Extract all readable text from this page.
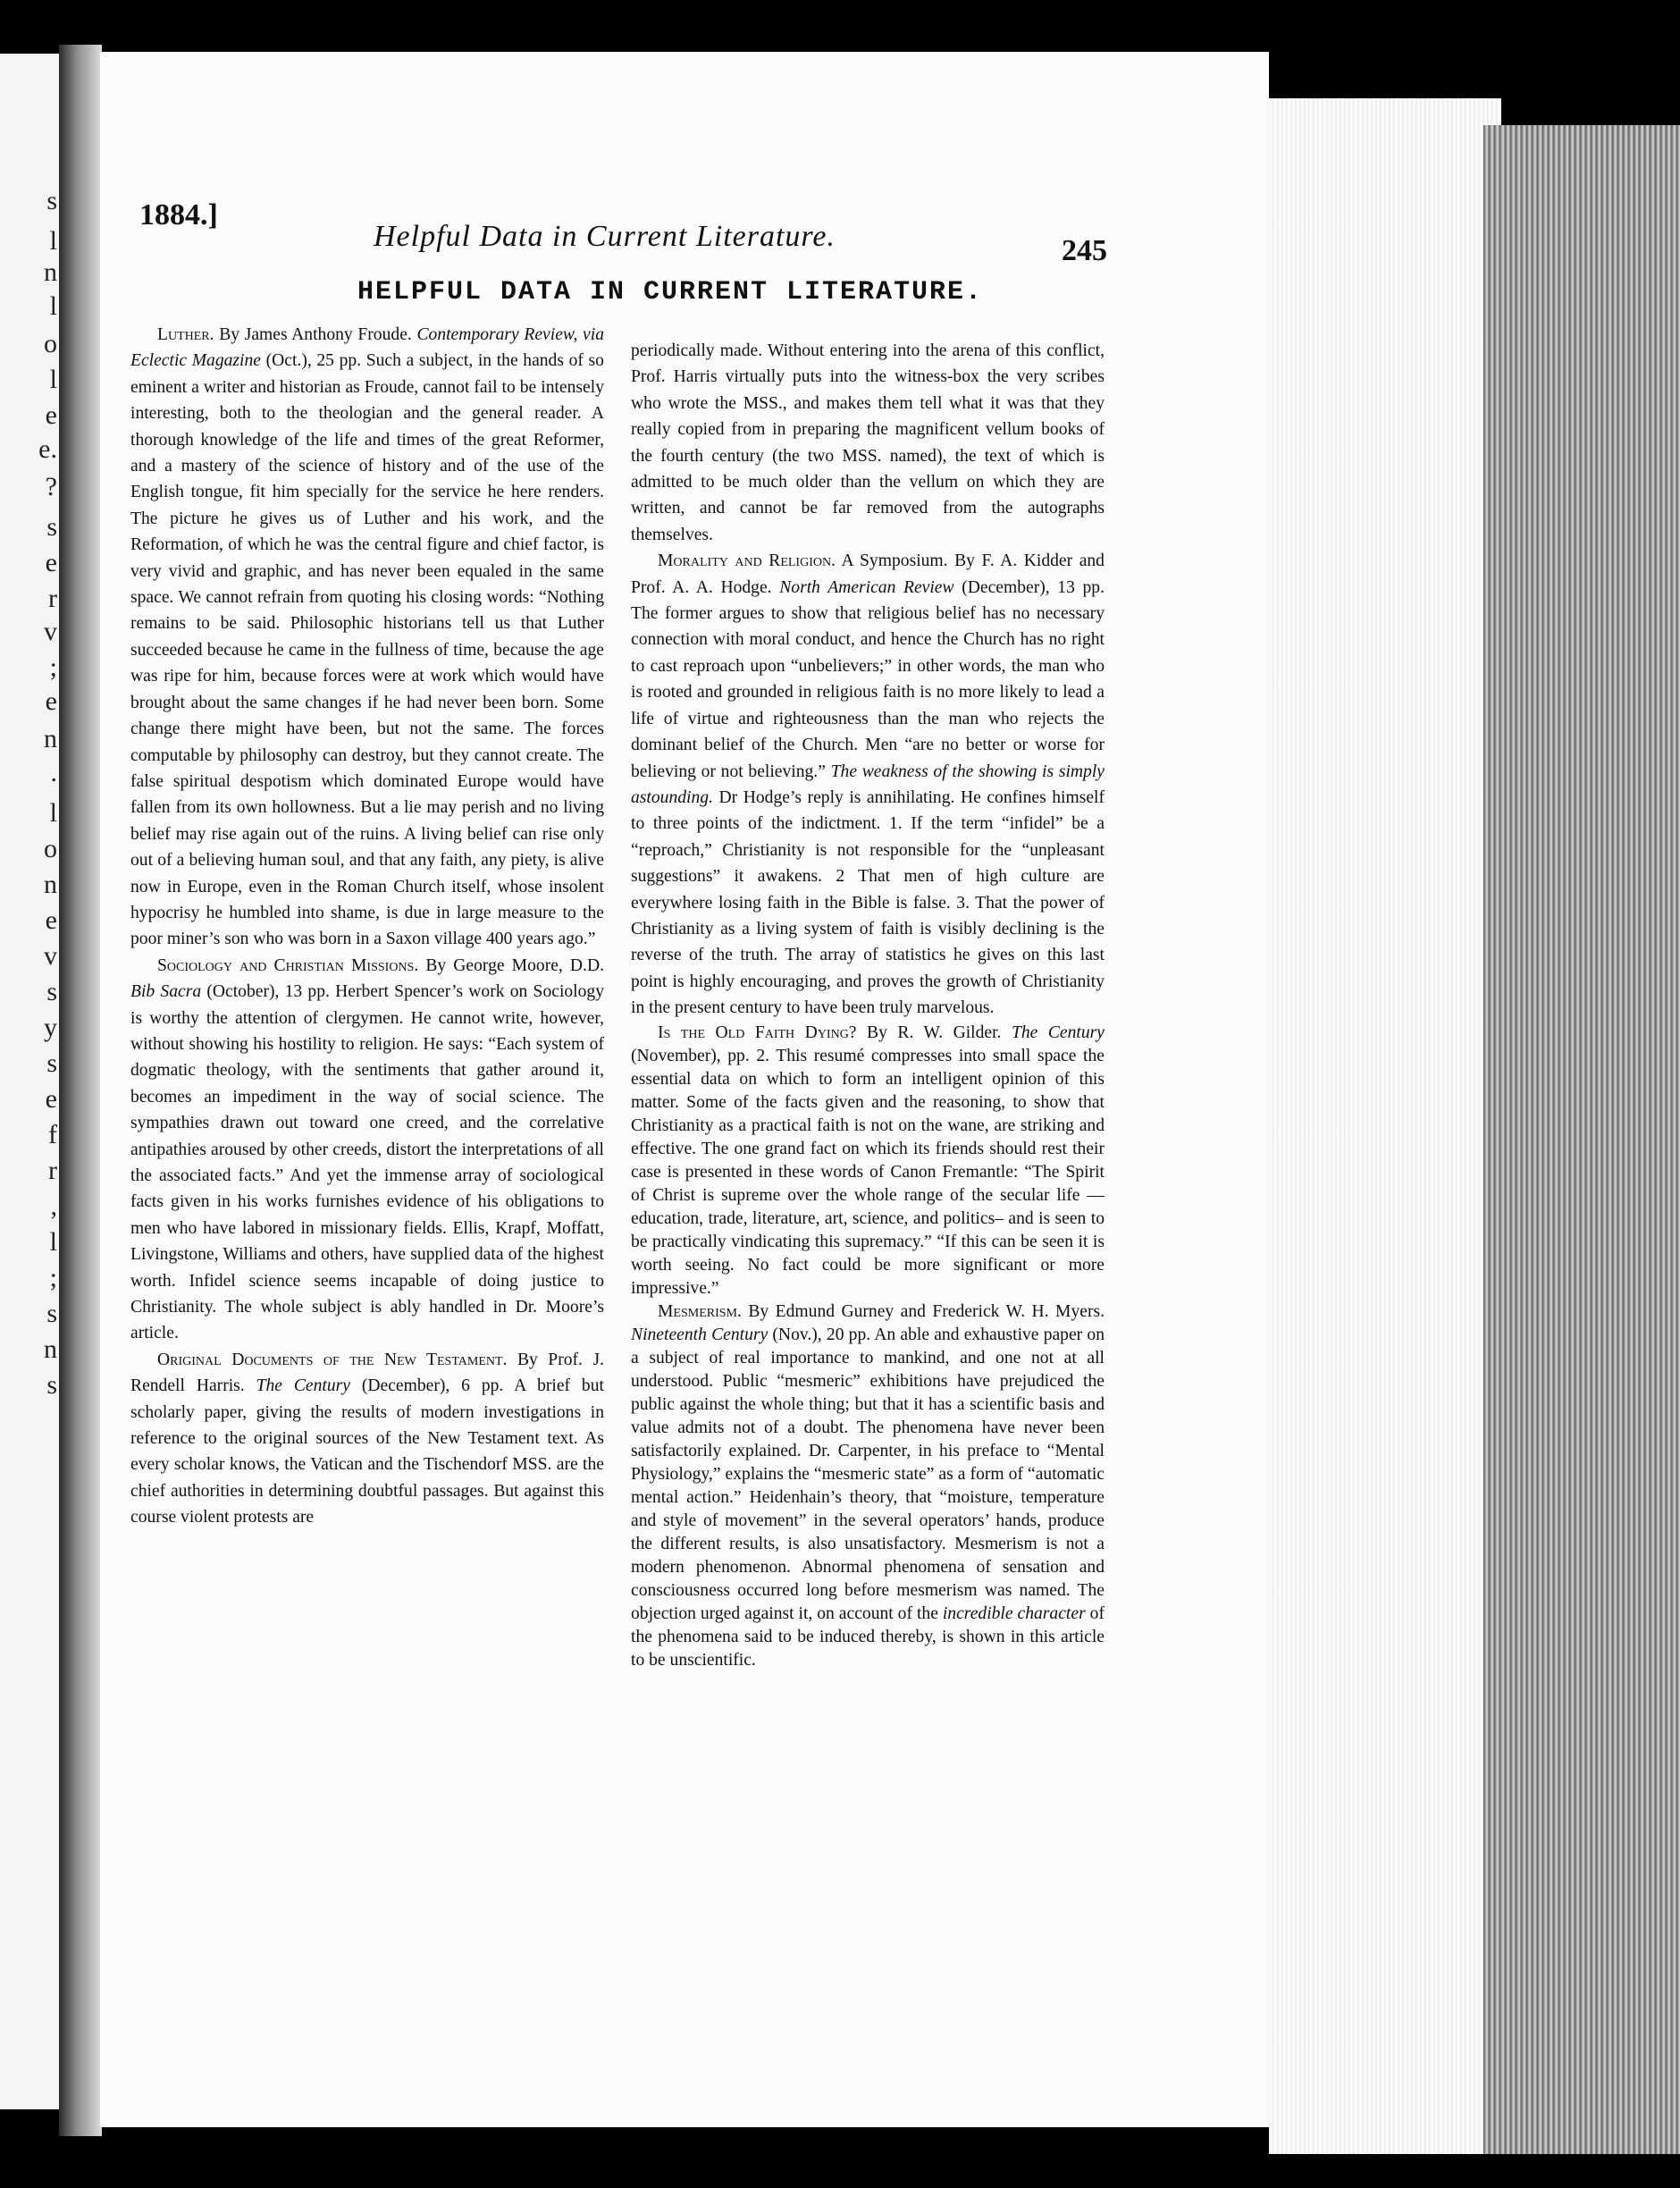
s
l
n
l
o
l
e
e.
?
s
e
r
v
;
e
n
.
l
o
n
e
v
s
y
s
e
f
r
,
l
;
s
n
s
1884.]
Helpful Data in Current Literature.	245
HELPFUL DATA IN CURRENT LITERATURE.

Luther. By James Anthony Froude. Contemporary Review, via Eclectic Magazine (Oct.), 25 pp. Such a subject, in the hands of so eminent a writer and historian as Froude, cannot fail to be intensely interesting, both to the theologian and the general reader. A thorough knowledge of the life and times of the great Reformer, and a mastery of the science of history and of the use of the English tongue, fit him specially for the service he here renders. The picture he gives us of Luther and his work, and the Reformation, of which he was the central figure and chief factor, is very vivid and graphic, and has never been equaled in the same space. We cannot refrain from quoting his closing words: “Nothing remains to be said. Philosophic historians tell us that Luther succeeded because he came in the fullness of time, because the age was ripe for him, because forces were at work which would have brought about the same changes if he had never been born. Some change there might have been, but not the same. The forces computable by philosophy can destroy, but they cannot create. The false spiritual despotism which dominated Europe would have fallen from its own hollowness. But a lie may perish and no living belief may rise again out of the ruins. A living belief can rise only out of a believing human soul, and that any faith, any piety, is alive now in Europe, even in the Roman Church itself, whose insolent hypocrisy he humbled into shame, is due in large measure to the poor miner’s son who was born in a Saxon village 400 years ago.”

Sociology and Christian Missions. By George Moore, D.D. Bib Sacra (October), 13 pp. Herbert Spencer’s work on Sociology is worthy the attention of clergymen. He cannot write, however, without showing his hostility to religion. He says: “Each system of dogmatic theology, with the sentiments that gather around it, becomes an impediment in the way of social science. The sympathies drawn out toward one creed, and the correlative antipathies aroused by other creeds, distort the interpretations of all the associated facts.” And yet the immense array of sociological facts given in his works furnishes evidence of his obligations to men who have labored in missionary fields. Ellis, Krapf, Moffatt, Livingstone, Williams and others, have supplied data of the highest worth. Infidel science seems incapable of doing justice to Christianity. The whole subject is ably handled in Dr. Moore’s article.

Original Documents of the New Testament. By Prof. J. Rendell Harris. The Century (December), 6 pp. A brief but scholarly paper, giving the results of modern investigations in reference to the original sources of the New Testament text. As every scholar knows, the Vatican and the Tischendorf MSS. are the chief authorities in determining doubtful passages. But against this course violent protests are

periodically made. Without entering into the arena of this conflict, Prof. Harris virtually puts into the witness-box the very scribes who wrote the MSS., and makes them tell what it was that they really copied from in preparing the magnificent vellum books of the fourth century (the two MSS. named), the text of which is admitted to be much older than the vellum on which they are written, and cannot be far removed from the autographs themselves.

Morality and Religion. A Symposium. By F. A. Kidder and Prof. A. A. Hodge. North American Review (December), 13 pp. The former argues to show that religious belief has no necessary connection with moral conduct, and hence the Church has no right to cast reproach upon “unbelievers;” in other words, the man who is rooted and grounded in religious faith is no more likely to lead a life of virtue and righteousness than the man who rejects the dominant belief of the Church. Men “are no better or worse for believing or not believing.” The weakness of the showing is simply astounding. Dr Hodge’s reply is annihilating. He confines himself to three points of the indictment. 1. If the term “infidel” be a “reproach,” Christianity is not responsible for the “unpleasant suggestions” it awakens. 2 That men of high culture are everywhere losing faith in the Bible is false. 3. That the power of Christianity as a living system of faith is visibly declining is the reverse of the truth. The array of statistics he gives on this last point is highly encouraging, and proves the growth of Christianity in the present century to have been truly marvelous.

Is the Old Faith Dying? By R. W. Gilder. The Century (November), pp. 2. This resumé compresses into small space the essential data on which to form an intelligent opinion of this matter. Some of the facts given and the reasoning, to show that Christianity as a practical faith is not on the wane, are striking and effective. The one grand fact on which its friends should rest their case is presented in these words of Canon Fremantle: “The Spirit of Christ is supreme over the whole range of the secular life —education, trade, literature, art, science, and politics– and is seen to be practically vindicating this supremacy.” “If this can be seen it is worth seeing. No fact could be more significant or more impressive.”

Mesmerism. By Edmund Gurney and Frederick W. H. Myers. Nineteenth Century (Nov.), 20 pp. An able and exhaustive paper on a subject of real importance to mankind, and one not at all understood. Public “mesmeric” exhibitions have prejudiced the public against the whole thing; but that it has a scientific basis and value admits not of a doubt. The phenomena have never been satisfactorily explained. Dr. Carpenter, in his preface to “Mental Physiology,” explains the “mesmeric state” as a form of “automatic mental action.” Heidenhain’s theory, that “moisture, temperature and style of movement” in the several operators’ hands, produce the different results, is also unsatisfactory. Mesmerism is not a modern phenomenon. Abnormal phenomena of sensation and consciousness occurred long before mesmerism was named. The objection urged against it, on account of the incredible character of the phenomena said to be induced thereby, is shown in this article to be unscientific.
